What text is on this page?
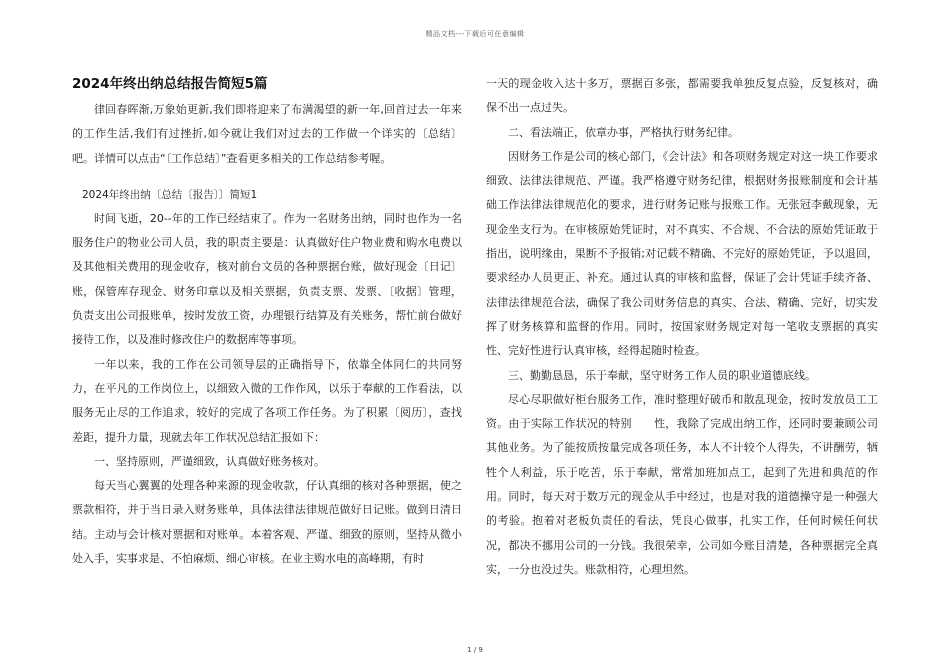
精品文档---下载后可任意编辑
2024年终出纳总结报告简短5篇

律回春晖渐,万象始更新,我们即将迎来了布满渴望的新一年,回首过去一年来的工作生活,我们有过挫折,如今就让我们对过去的工作做一个详实的〔总结〕吧。详情可以点击“〔工作总结〕”查看更多相关的工作总结参考喔。

2024年终出纳〔总结〔报告〕〕简短1

时间飞逝，20--年的工作已经结束了。作为一名财务出纳，同时也作为一名服务住户的物业公司人员，我的职责主要是：认真做好住户物业费和购水电费以及其他相关费用的现金收存，核对前台文员的各种票据台账，做好现金〔日记〕账，保管库存现金、财务印章以及相关票据，负责支票、发票、〔收据〕管理，负责支出公司报账单，按时发放工资，办理银行结算及有关账务，帮忙前台做好接待工作，以及准时修改住户的数据库等事项。

一年以来，我的工作在公司领导层的正确指导下，依靠全体同仁的共同努力，在平凡的工作岗位上，以细致入微的工作作风，以乐于奉献的工作看法，以服务无止尽的工作追求，较好的完成了各项工作任务。为了积累〔阅历〕，查找差距，提升力量，现就去年工作状况总结汇报如下：

一、坚持原则，严谨细致，认真做好账务核对。

每天当心翼翼的处理各种来源的现金收款，仔认真细的核对各种票据，使之票款相符，并于当日录入财务账单，具体法律法律规范做好日记账。做到日清日结。主动与会计核对票据和对账单。本着客观、严谨、细致的原则，坚持从微小处入手，实事求是、不怕麻烦、细心审核。在业主购水电的高峰期，有时

一天的现金收入达十多万，票据百多张，都需要我单独反复点验，反复核对，确保不出一点过失。

二、看法端正，依章办事，严格执行财务纪律。

因财务工作是公司的核心部门，《会计法》和各项财务规定对这一块工作要求细致、法律法律规范、严谨。我严格遵守财务纪律，根据财务报账制度和会计基础工作法律法律规范化的要求，进行财务记账与报账工作。无张冠李戴现象，无现金坐支行为。在审核原始凭证时，对不真实、不合规、不合法的原始凭证敢于指出，说明缘由，果断不予报销;对记载不精确、不完好的原始凭证，予以退回，要求经办人员更正、补充。通过认真的审核和监督，保证了会计凭证手续齐备、法律法律规范合法，确保了我公司财务信息的真实、合法、精确、完好，切实发挥了财务核算和监督的作用。同时，按国家财务规定对每一笔收支票据的真实性、完好性进行认真审核，经得起随时检查。

三、勤勤恳恳，乐于奉献，坚守财务工作人员的职业道德底线。

尽心尽职做好柜台服务工作，准时整理好破币和散乱现金，按时发放员工工资。由于实际工作状况的特别　　性，我除了完成出纳工作，还同时要兼顾公司其他业务。为了能按质按量完成各项任务，本人不计较个人得失，不讲酬劳，牺牲个人利益，乐于吃苦，乐于奉献，常常加班加点工，起到了先进和典范的作用。同时，每天对于数万元的现金从手中经过，也是对我的道德操守是一种强大的考验。抱着对老板负责任的看法，凭良心做事，扎实工作，任何时候任何状况，都决不挪用公司的一分钱。我很荣幸，公司如今账目清楚，各种票据完全真实，一分也没过失。账款相符，心理坦然。

1 / 9
